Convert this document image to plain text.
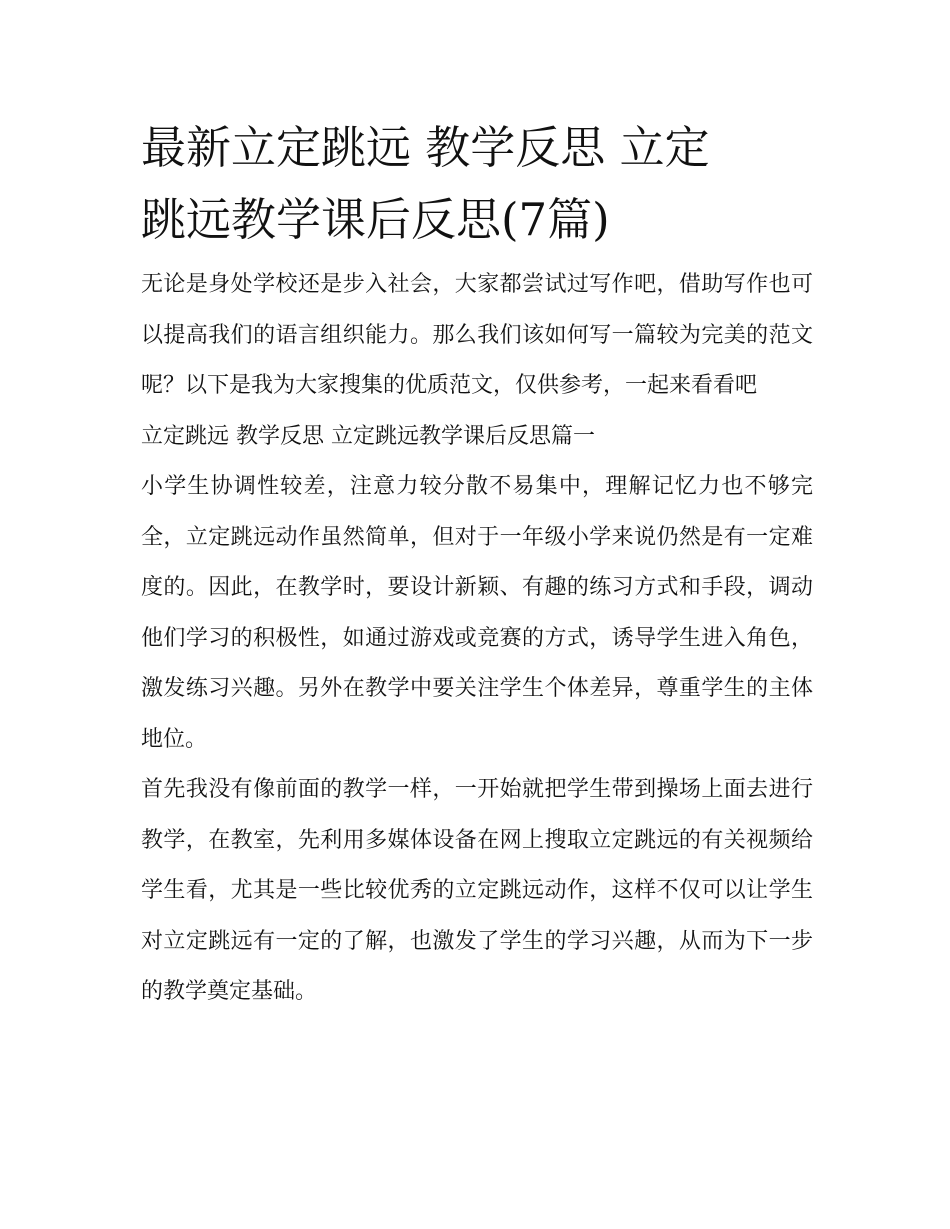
最新立定跳远 教学反思 立定
跳远教学课后反思(7篇)

无论是身处学校还是步入社会，大家都尝试过写作吧，借助写作也可以提高我们的语言组织能力。那么我们该如何写一篇较为完美的范文呢？以下是我为大家搜集的优质范文，仅供参考，一起来看看吧

立定跳远 教学反思 立定跳远教学课后反思篇一

小学生协调性较差，注意力较分散不易集中，理解记忆力也不够完全，立定跳远动作虽然简单，但对于一年级小学来说仍然是有一定难度的。因此，在教学时，要设计新颖、有趣的练习方式和手段，调动他们学习的积极性，如通过游戏或竞赛的方式，诱导学生进入角色，激发练习兴趣。另外在教学中要关注学生个体差异，尊重学生的主体地位。

首先我没有像前面的教学一样，一开始就把学生带到操场上面去进行教学，在教室，先利用多媒体设备在网上搜取立定跳远的有关视频给学生看，尤其是一些比较优秀的立定跳远动作，这样不仅可以让学生对立定跳远有一定的了解，也激发了学生的学习兴趣，从而为下一步的教学奠定基础。
